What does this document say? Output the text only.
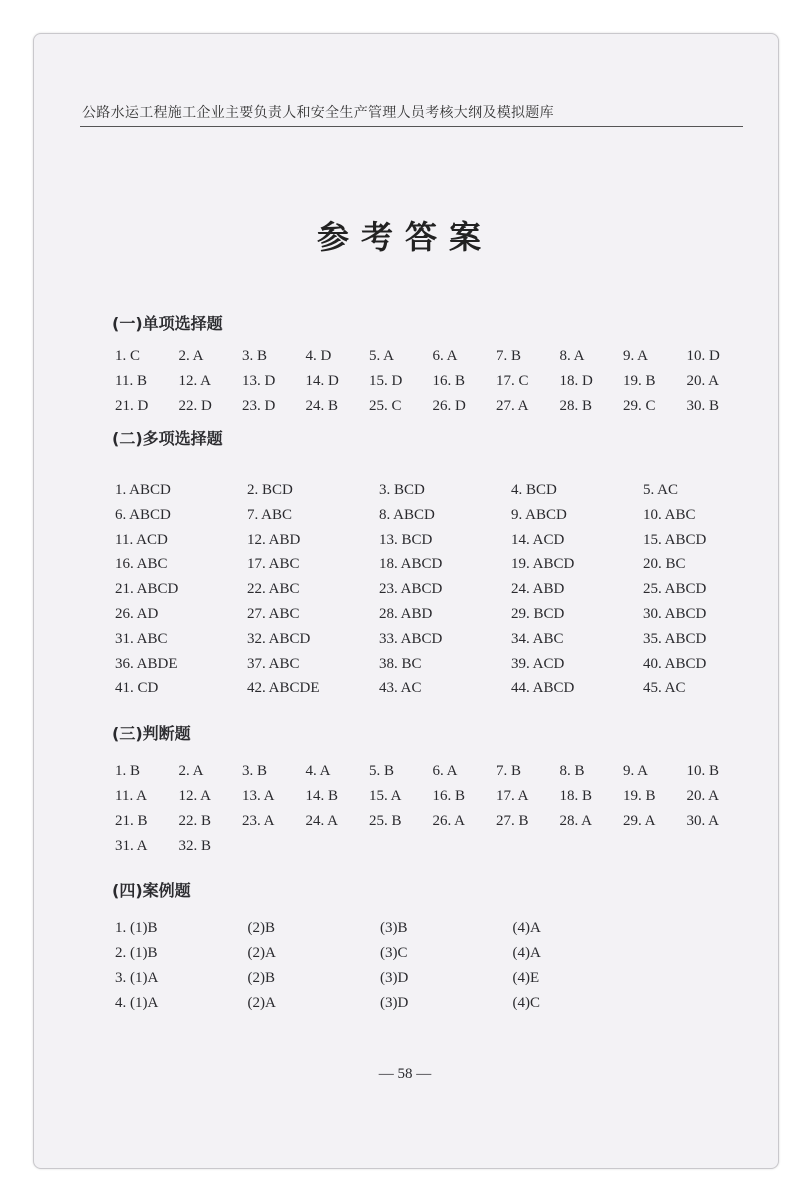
公路水运工程施工企业主要负责人和安全生产管理人员考核大纲及模拟题库
参考答案
(一)单项选择题
1. C	2. A	3. B	4. D	5. A	6. A	7. B	8. A	9. A	10. D
11. B 12. A 13. D 14. D 15. D 16. B 17. C 18. D 19. B 20. A
21. D 22. D 23. D 24. B 25. C 26. D 27. A 28. B 29. C 30. B
(二)多项选择题
1. ABCD	2. BCD	3. BCD	4. BCD	5. AC
6. ABCD	7. ABC	8. ABCD	9. ABCD	10. ABC
11. ACD	12. ABD	13. BCD	14. ACD	15. ABCD
16. ABC	17. ABC	18. ABCD	19. ABCD	20. BC
21. ABCD	22. ABC	23. ABCD	24. ABD	25. ABCD
26. AD	27. ABC	28. ABD	29. BCD	30. ABCD
31. ABC	32. ABCD	33. ABCD	34. ABC	35. ABCD
36. ABDE	37. ABC	38. BC	39. ACD	40. ABCD
41. CD	42. ABCDE	43. AC	44. ABCD	45. AC
(三)判断题
1. B	2. A	3. B	4. A	5. B	6. A	7. B	8. B	9. A	10. B
11. A 12. A 13. A 14. B 15. A 16. B 17. A 18. B 19. B 20. A
21. B 22. B 23. A 24. A 25. B 26. A 27. B 28. A 29. A 30. A
31. A 32. B
(四)案例题
1. (1)B	(2)B	(3)B	(4)A
2. (1)B	(2)A	(3)C	(4)A
3. (1)A	(2)B	(3)D	(4)E
4. (1)A	(2)A	(3)D	(4)C
— 58 —
